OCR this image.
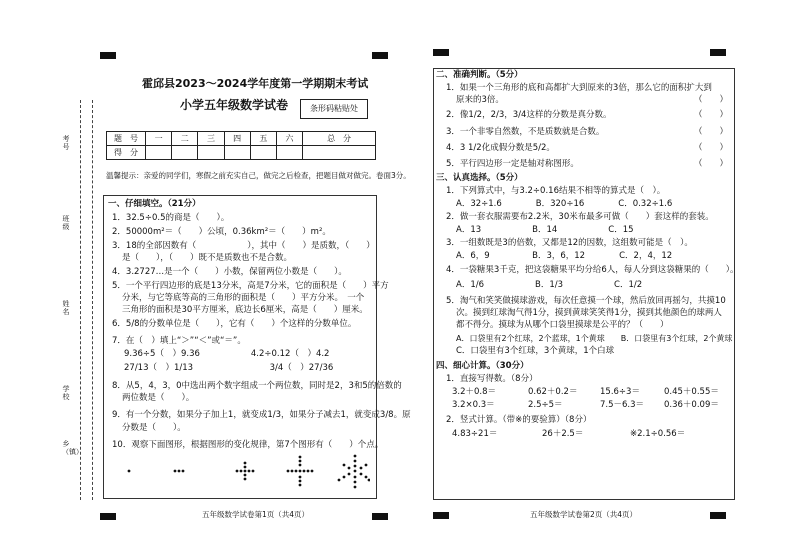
考号
班级
姓名
学校
乡（镇）
霍邱县2023～2024学年度第一学期期末考试
小学五年级数学试卷	条形码粘贴处
题　号	一	二	三	四	五	六	总　分
得　分							
温馨提示：亲爱的同学们，寒假之前充实自己，做完之后检查，把题目做对做完。卷面3分。
一、仔细填空。（21分）
1．32.5÷0.5的商是（　　）。
2．50000m²＝（　　）公顷，0.36km²＝（　　）m²。
3．18的全部因数有（　　　　　　），其中（　　）是质数，（　　）
是（　　），（　　）既不是质数也不是合数。
4．3.2727…是一个（　　）小数，保留两位小数是（　　）。
5．一个平行四边形的底是13分米，高是7分米，它的面积是（　　）平方
分米，与它等底等高的三角形的面积是（　　）平方分米。　一个
三角形的面积是30平方厘米，底边长6厘米，高是（　　）厘米。
6．5/8的分数单位是（　　），它有（　　）个这样的分数单位。
7．在（　）填上“＞”“＜”或“＝”。
9.36÷5（　）9.36　　　　　　4.2÷0.12（　）4.2
27/13（　）1/13　　　　　　　　　3/4（　）27/36
8．从5，4，3，0中选出两个数字组成一个两位数，同时是2，3和5的倍数的
两位数是（　　）。
9．有一个分数，如果分子加上1，就变成1/3，如果分子减去1，就变成3/8。原
分数是（　　）。
10．观察下面图形，根据图形的变化规律，第7个图形有（　　）个点。
五年级数学试卷第1页（共4页）
二、准确判断。（5分）
1．如果一个三角形的底和高都扩大到原来的3倍，那么它的面积扩大到
原来的3倍。	（　　）
2．像1/2，2/3，3/4这样的分数是真分数。	（　　）
3．一个非零自然数，不是质数就是合数。	（　　）
4．3 1/2化成假分数是5/2。	（　　）
5．平行四边形一定是轴对称图形。	（　　）
三、认真选择。（5分）
1．下列算式中，与3.2÷0.16结果不相等的算式是（　）。
A．32÷1.6　　　　B．320÷16　　　　C．0.32÷1.6
2．做一套衣服需要布2.2米，30米布最多可做（　　）套这样的套装。
A．13　　　　　　B．14　　　　　　C．15
3．一组数既是3的倍数，又都是12的因数，这组数可能是（　）。
A．6，9　　　　　B．3，6，12　　　　C．2，4，12
4．一袋糖果3千克，把这袋糖果平均分给6人，每人分到这袋糖果的（　　）。
A．1/6　　　　　　B．1/3　　　　　　C．1/2
5．淘气和笑笑做摸球游戏，每次任意摸一个球，然后放回再摇匀，共摸10
次。摸到红球淘气得1分，摸到黄球笑笑得1分，摸到其他颜色的球两人
都不得分。摸球为从哪个口袋里摸球是公平的？（　　）
A．口袋里有2个红球，2个蓝球，1个黄球　　B．口袋里有3个红球，2个黄球
C．口袋里有3个红球，3个黄球，1个白球
四、细心计算。（30分）
1．直接写得数。（8分）
3.2＋0.8＝	0.62＋0.2＝	15.6÷3＝	0.45＋0.55＝
3.2×0.3＝	2.5÷5＝	7.5－6.3＝ 0.36＋0.09＝
2．竖式计算。（带※的要验算）（8分）
4.83÷21＝	26＋2.5＝	※2.1÷0.56＝
五年级数学试卷第2页（共4页）
